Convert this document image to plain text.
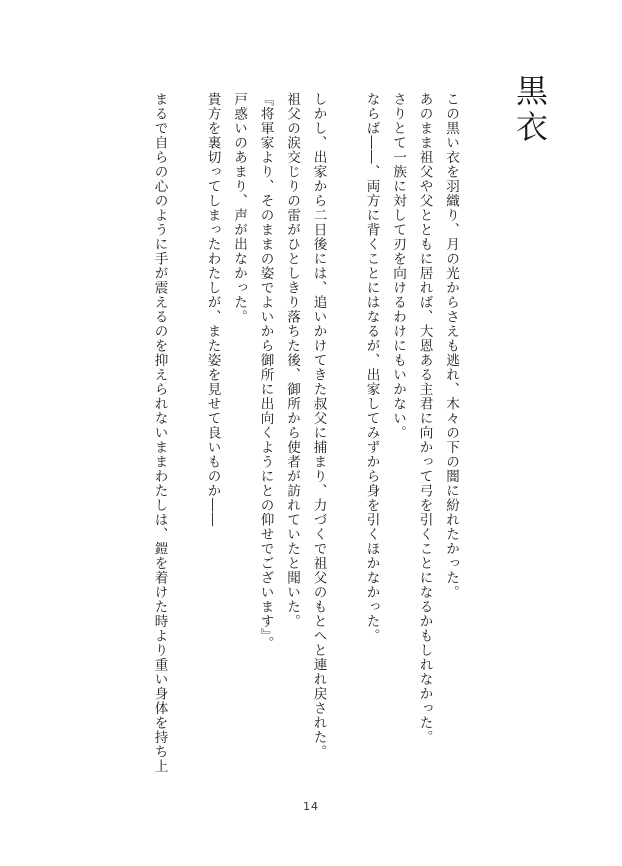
黒衣
この黒い衣を羽織り、月の光からさえも逃れ、木々の下の闇に紛れたかった。
あのまま祖父や父とともに居れば、大恩ある主君に向かって弓を引くことになるかもしれなかった。
さりとて一族に対して刃を向けるわけにもいかない。
ならば――、両方に背くことにはなるが、出家してみずから身を引くほかなかった。
しかし、出家から二日後には、追いかけてきた叔父に捕まり、力づくで祖父のもとへと連れ戻された。
祖父の涙交じりの雷がひとしきり落ちた後、御所から使者が訪れていたと聞いた。
『将軍家より、そのままの姿でよいから御所に出向くようにとの仰せでございます』。
戸惑いのあまり、声が出なかった。
貴方を裏切ってしまったわたしが、また姿を見せて良いものか――
まるで自らの心のように手が震えるのを抑えられないままわたしは、鎧を着けた時より重い身体を持ち上
14
